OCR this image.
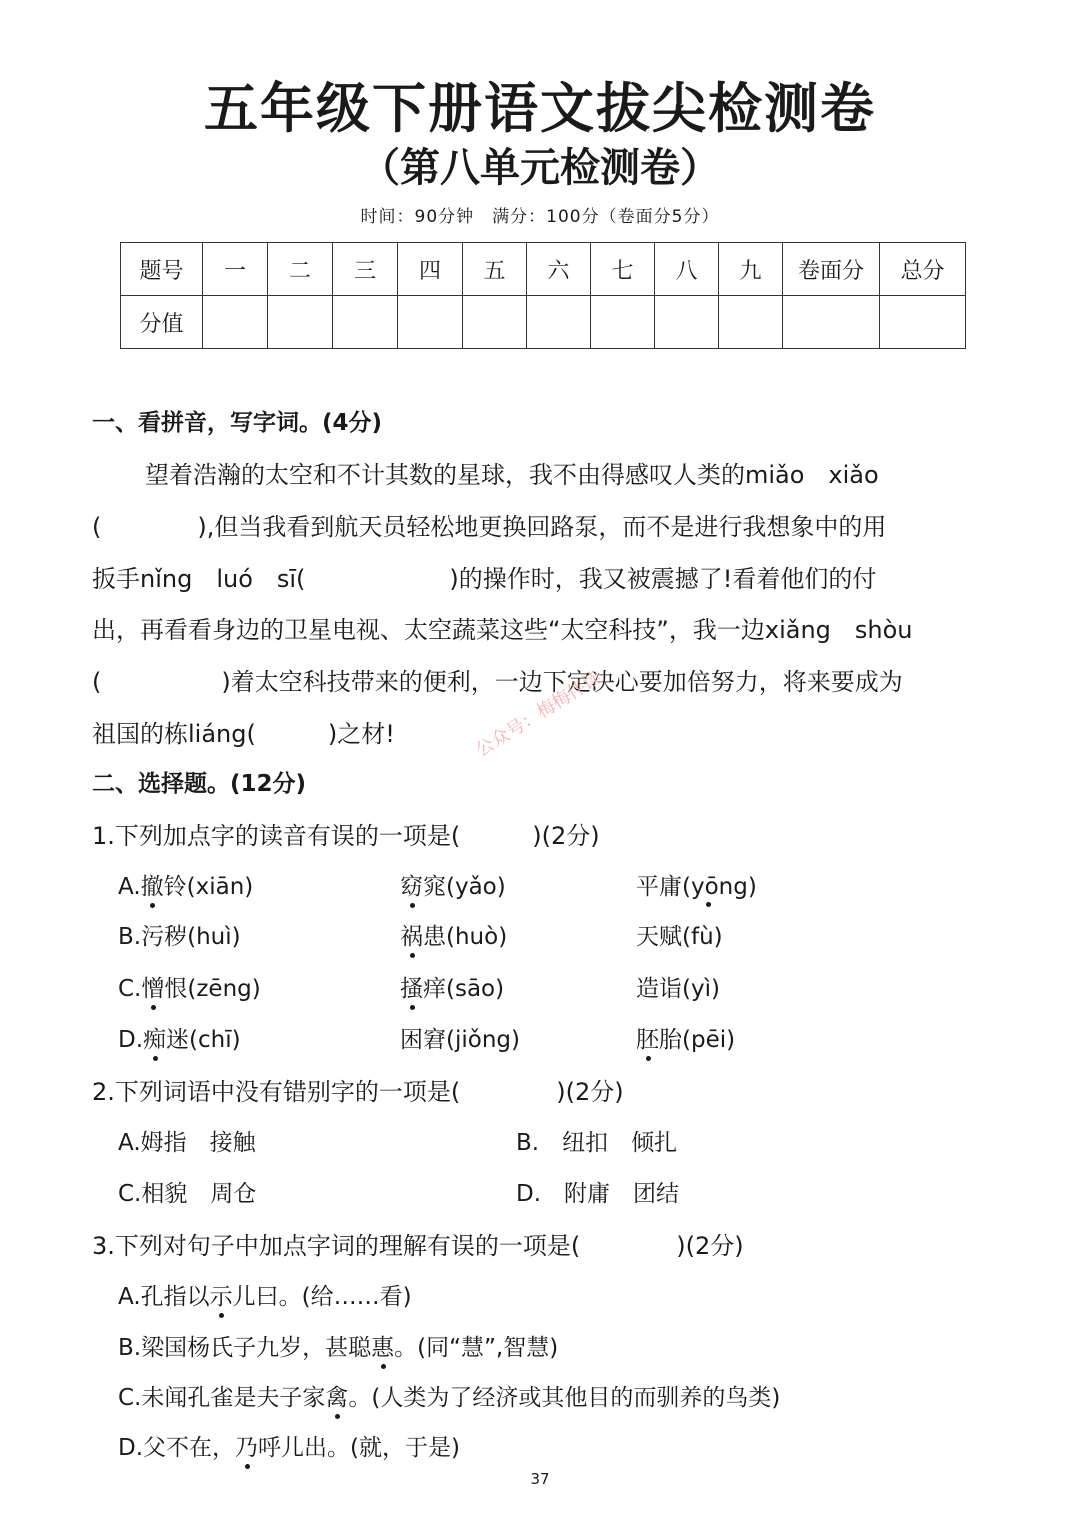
五年级下册语文拔尖检测卷
（第八单元检测卷）
时间：90分钟　满分：100分（卷面分5分）
题号	一	二	三	四	五	六	七	八	九	卷面分	总分
分值											
一、看拼音，写字词。(4分)
望着浩瀚的太空和不计其数的星球，我不由得感叹人类的miǎo　xiǎo
(　　　　),但当我看到航天员轻松地更换回路泵，而不是进行我想象中的用
扳手nǐng　luó　sī(　　　　　　)的操作时，我又被震撼了!看着他们的付
出，再看看身边的卫星电视、太空蔬菜这些“太空科技”，我一边xiǎng　shòu
(　　　　　)着太空科技带来的便利，一边下定决心要加倍努力，将来要成为
祖国的栋liáng(　　　)之材!	公众号：梅梅伴读
二、选择题。(12分)
1.下列加点字的读音有误的一项是(　　　)(2分)
A.撤铃(xiān)	窈窕(yǎo)	平庸(yōng)
B.污秽(huì)	祸患(huò)	天赋(fù)
C.憎恨(zēng)	搔痒(sāo)	造诣(yì)
D.痴迷(chī)	困窘(jiǒng)	胚胎(pēi)
2.下列词语中没有错别字的一项是(　　　　)(2分)
A.姆指　接触	B.　纽扣　倾扎
C.相貌　周仓	D.　附庸　团结
3.下列对句子中加点字词的理解有误的一项是(　　　　)(2分)
A.孔指以示儿曰。(给……看)
B.梁国杨氏子九岁，甚聪惠。(同“慧”,智慧)
C.未闻孔雀是夫子家禽。(人类为了经济或其他目的而驯养的鸟类)
D.父不在，乃呼儿出。(就，于是)
37
